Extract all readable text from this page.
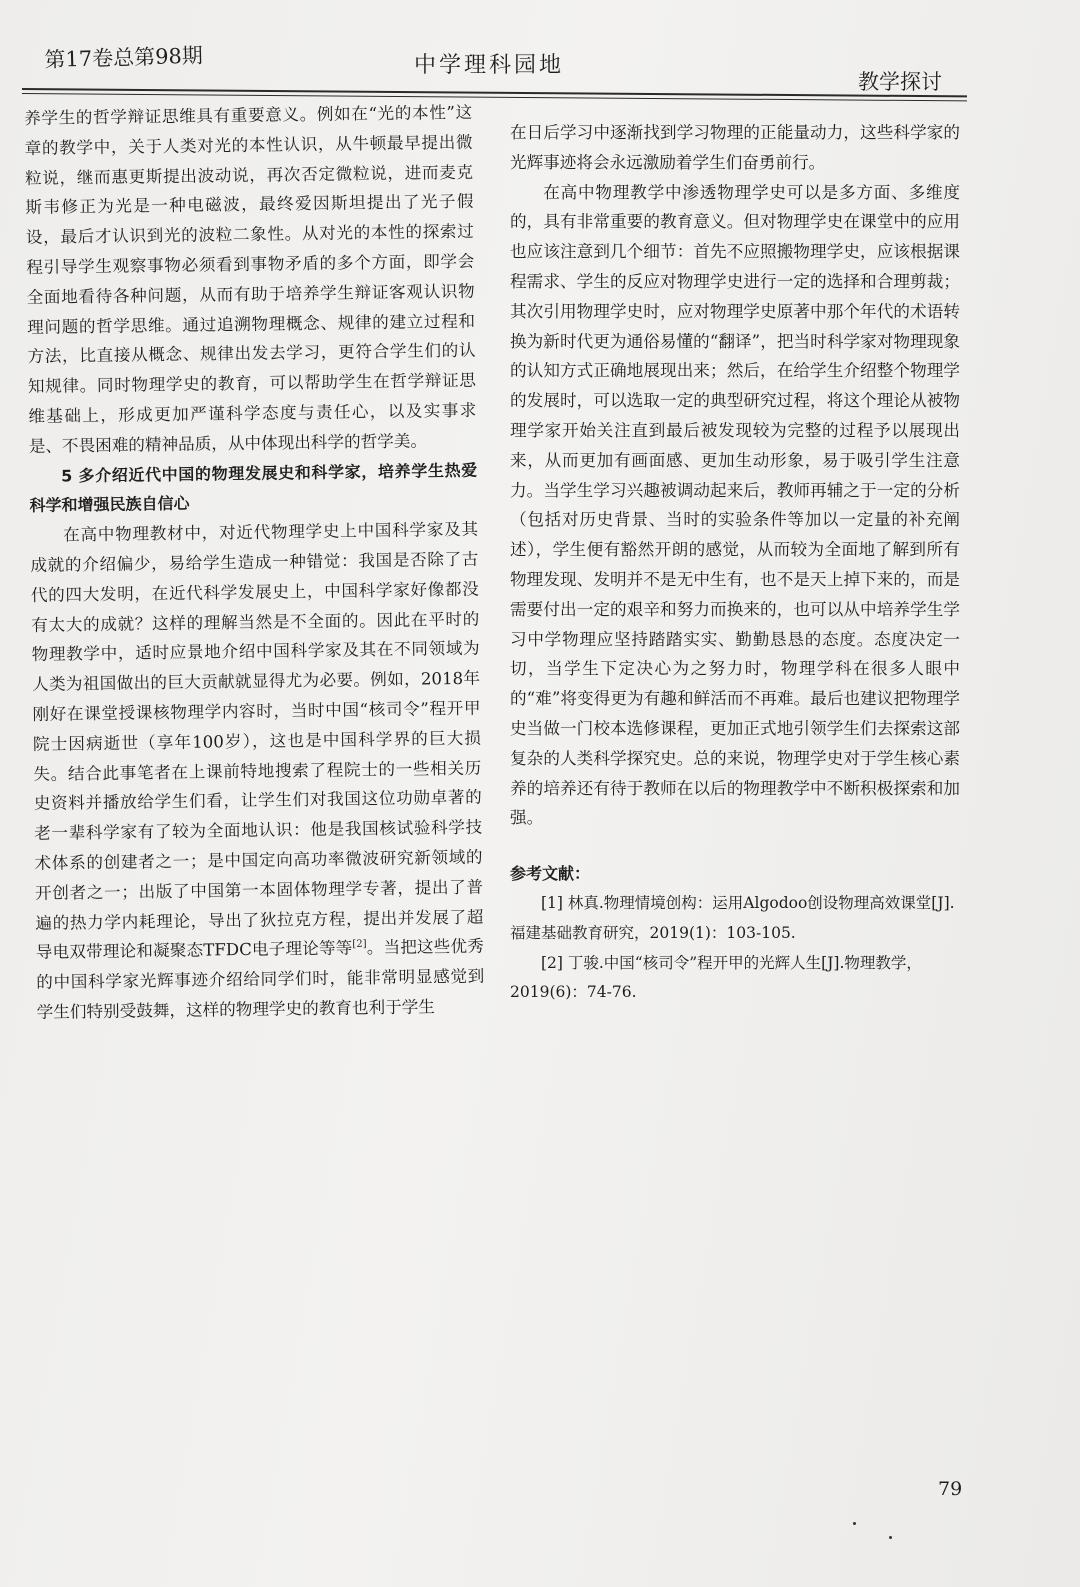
第17卷总第98期	中学理科园地
教学探讨

养学生的哲学辩证思维具有重要意义。例如在“光的本性”这章的教学中，关于人类对光的本性认识，从牛顿最早提出微粒说，继而惠更斯提出波动说，再次否定微粒说，进而麦克斯韦修正为光是一种电磁波，最终爱因斯坦提出了光子假设，最后才认识到光的波粒二象性。从对光的本性的探索过程引导学生观察事物必须看到事物矛盾的多个方面，即学会全面地看待各种问题，从而有助于培养学生辩证客观认识物理问题的哲学思维。通过追溯物理概念、规律的建立过程和方法，比直接从概念、规律出发去学习，更符合学生们的认知规律。同时物理学史的教育，可以帮助学生在哲学辩证思维基础上，形成更加严谨科学态度与责任心，以及实事求是、不畏困难的精神品质，从中体现出科学的哲学美。

5 多介绍近代中国的物理发展史和科学家，培养学生热爱科学和增强民族自信心

在高中物理教材中，对近代物理学史上中国科学家及其成就的介绍偏少，易给学生造成一种错觉：我国是否除了古代的四大发明，在近代科学发展史上，中国科学家好像都没有太大的成就？这样的理解当然是不全面的。因此在平时的物理教学中，适时应景地介绍中国科学家及其在不同领域为人类为祖国做出的巨大贡献就显得尤为必要。例如，2018年刚好在课堂授课核物理学内容时，当时中国“核司令”程开甲院士因病逝世（享年100岁），这也是中国科学界的巨大损失。结合此事笔者在上课前特地搜索了程院士的一些相关历史资料并播放给学生们看，让学生们对我国这位功勋卓著的老一辈科学家有了较为全面地认识：他是我国核试验科学技术体系的创建者之一；是中国定向高功率微波研究新领域的开创者之一；出版了中国第一本固体物理学专著，提出了普遍的热力学内耗理论，导出了狄拉克方程，提出并发展了超导电双带理论和凝聚态TFDC电子理论等等[2]。当把这些优秀的中国科学家光辉事迹介绍给同学们时，能非常明显感觉到学生们特别受鼓舞，这样的物理学史的教育也利于学生

在日后学习中逐渐找到学习物理的正能量动力，这些科学家的光辉事迹将会永远激励着学生们奋勇前行。

在高中物理教学中渗透物理学史可以是多方面、多维度的，具有非常重要的教育意义。但对物理学史在课堂中的应用也应该注意到几个细节：首先不应照搬物理学史，应该根据课程需求、学生的反应对物理学史进行一定的选择和合理剪裁；其次引用物理学史时，应对物理学史原著中那个年代的术语转换为新时代更为通俗易懂的“翻译”，把当时科学家对物理现象的认知方式正确地展现出来；然后，在给学生介绍整个物理学的发展时，可以选取一定的典型研究过程，将这个理论从被物理学家开始关注直到最后被发现较为完整的过程予以展现出来，从而更加有画面感、更加生动形象，易于吸引学生注意力。当学生学习兴趣被调动起来后，教师再辅之于一定的分析（包括对历史背景、当时的实验条件等加以一定量的补充阐述），学生便有豁然开朗的感觉，从而较为全面地了解到所有物理发现、发明并不是无中生有，也不是天上掉下来的，而是需要付出一定的艰辛和努力而换来的，也可以从中培养学生学习中学物理应坚持踏踏实实、勤勤恳恳的态度。态度决定一切，当学生下定决心为之努力时，物理学科在很多人眼中的“难”将变得更为有趣和鲜活而不再难。最后也建议把物理学史当做一门校本选修课程，更加正式地引领学生们去探索这部复杂的人类科学探究史。总的来说，物理学史对于学生核心素养的培养还有待于教师在以后的物理教学中不断积极探索和加强。

参考文献：

[1] 林真.物理情境创构：运用Algodoo创设物理高效课堂[J].福建基础教育研究，2019(1)：103-105.

[2] 丁骏.中国“核司令”程开甲的光辉人生[J].物理教学，2019(6)：74-76.

79
